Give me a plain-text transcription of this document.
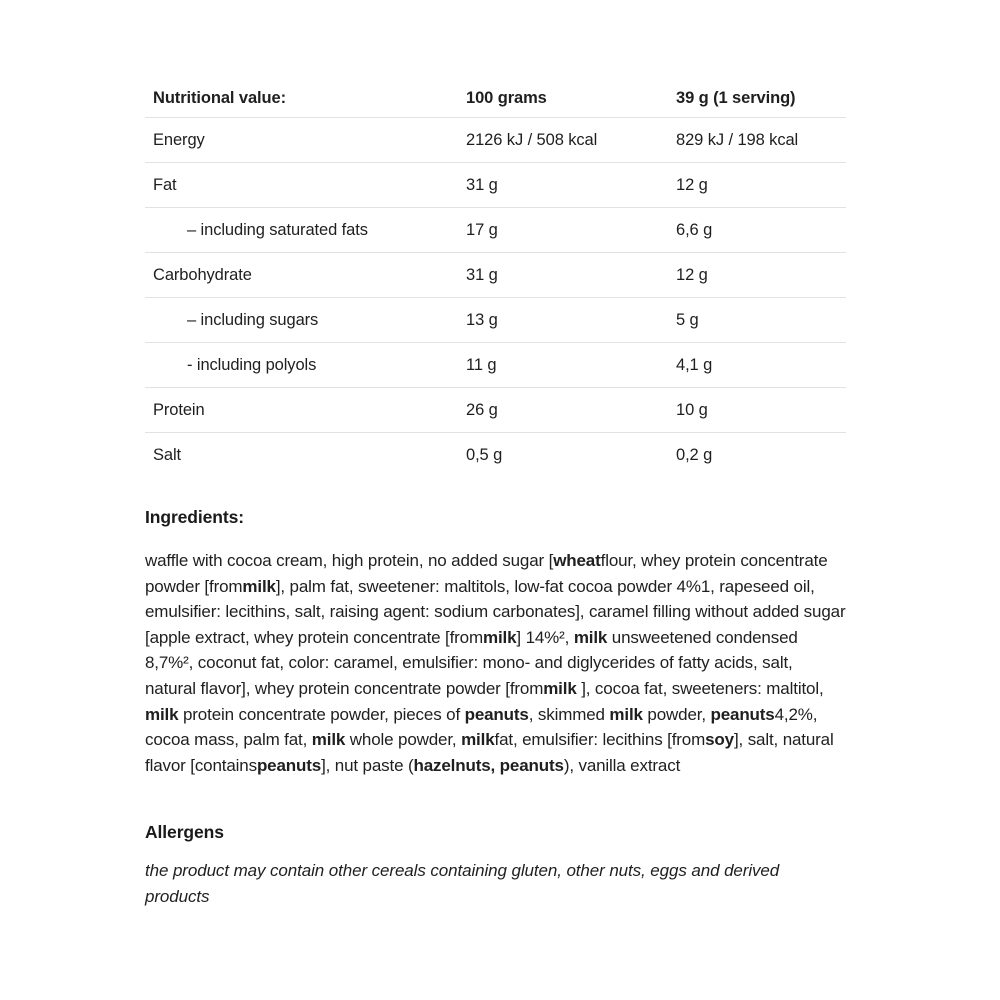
Nutritional value:	100 grams	39 g (1 serving)
Energy	2126 kJ / 508 kcal	829 kJ / 198 kcal
Fat	31 g	12 g
– including saturated fats	17 g	6,6 g
Carbohydrate	31 g	12 g
– including sugars	13 g	5 g
- including polyols	11 g	4,1 g
Protein	26 g	10 g
Salt	0,5 g	0,2 g
Ingredients:

waffle with cocoa cream, high protein, no added sugar [wheatflour, whey protein concentrate powder [frommilk], palm fat, sweetener: maltitols, low-fat cocoa powder 4%1, rapeseed oil, emulsifier: lecithins, salt, raising agent: sodium carbonates], caramel filling without added sugar [apple extract, whey protein concentrate [frommilk] 14%², milk unsweetened condensed 8,7%², coconut fat, color: caramel, emulsifier: mono- and diglycerides of fatty acids, salt, natural flavor], whey protein concentrate powder [frommilk ], cocoa fat, sweeteners: maltitol, milk protein concentrate powder, pieces of peanuts, skimmed milk powder, peanuts4,2%, cocoa mass, palm fat, milk whole powder, milkfat, emulsifier: lecithins [fromsoy], salt, natural flavor [containspeanuts], nut paste (hazelnuts, peanuts), vanilla extract

Allergens

the product may contain other cereals containing gluten, other nuts, eggs and derived products
